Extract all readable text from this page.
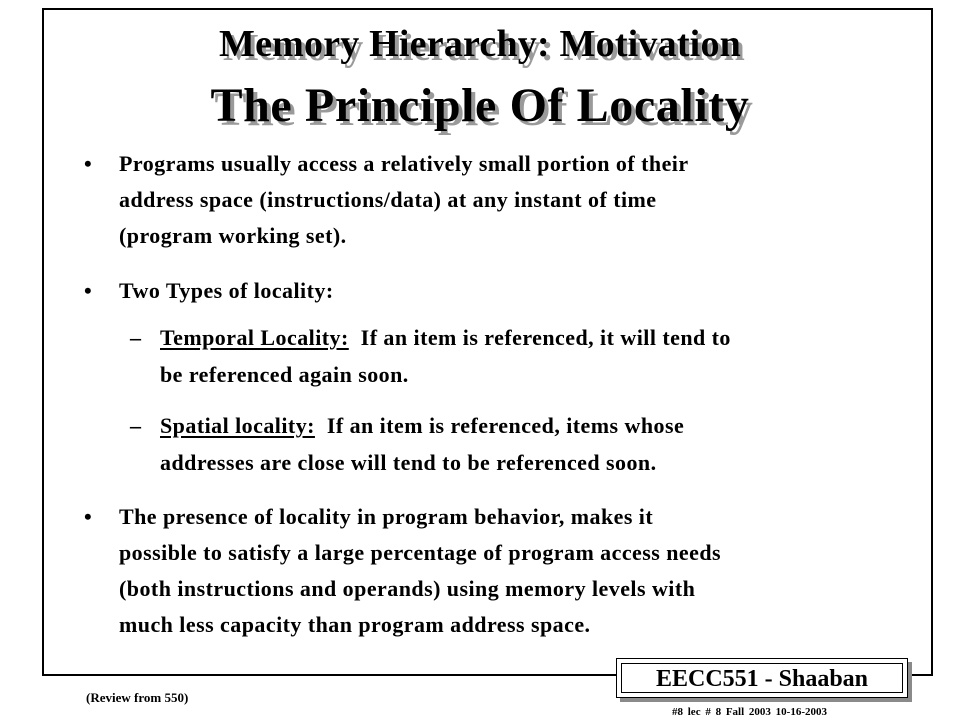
Memory Hierarchy: Motivation
The Principle Of Locality
• Programs usually access a relatively small portion of their
address space (instructions/data) at any instant of time
(program working set).
• Two Types of locality:
– Temporal Locality:  If an item is referenced, it will tend to
be referenced again soon.
– Spatial locality:  If an item is referenced, items whose
addresses are close will tend to be referenced soon.
• The presence of locality in program behavior, makes it
possible to satisfy a large percentage of program access needs
(both instructions and operands) using memory levels with
much less capacity than program address space.
EECC551 - Shaaban
(Review from 550)
#8 lec # 8 Fall 2003 10-16-2003
